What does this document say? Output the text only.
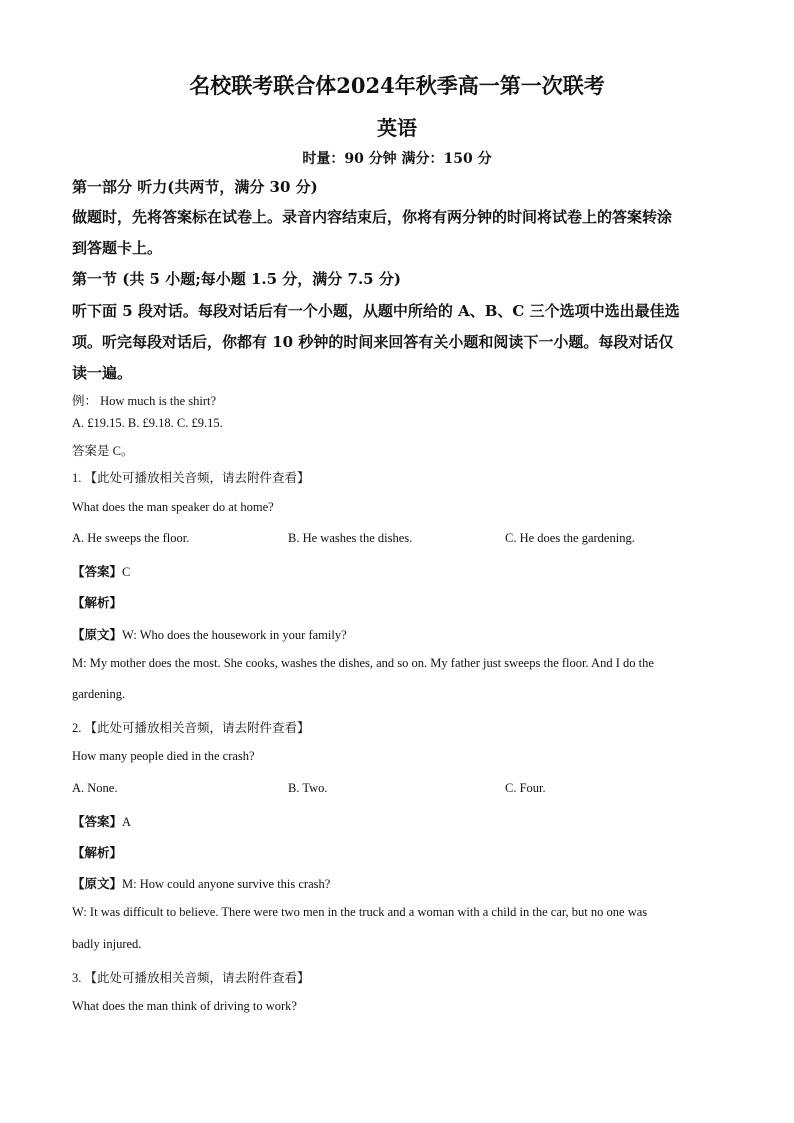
名校联考联合体2024年秋季高一第一次联考
英语
时量：90 分钟 满分：150 分
第一部分 听力(共两节，满分 30 分)
做题时，先将答案标在试卷上。录音内容结束后，你将有两分钟的时间将试卷上的答案转涂
到答题卡上。
第一节 (共 5 小题;每小题 1.5 分，满分 7.5 分)
听下面 5 段对话。每段对话后有一个小题，从题中所给的 A、B、C 三个选项中选出最佳选
项。听完每段对话后，你都有 10 秒钟的时间来回答有关小题和阅读下一小题。每段对话仅
读一遍。
例： How much is the shirt?
A. £19.15. B. £9.18. C. £9.15.
答案是 C。
1. 【此处可播放相关音频，请去附件查看】
What does the man speaker do at home?
A. He sweeps the floor.	B. He washes the dishes.	C. He does the gardening.
【答案】C
【解析】
【原文】W: Who does the housework in your family?
M: My mother does the most. She cooks, washes the dishes, and so on. My father just sweeps the floor. And I do the
gardening.
2. 【此处可播放相关音频，请去附件查看】
How many people died in the crash?
A. None.	B. Two.	C. Four.
【答案】A
【解析】
【原文】M: How could anyone survive this crash?
W: It was difficult to believe. There were two men in the truck and a woman with a child in the car, but no one was
badly injured.
3. 【此处可播放相关音频，请去附件查看】
What does the man think of driving to work?
